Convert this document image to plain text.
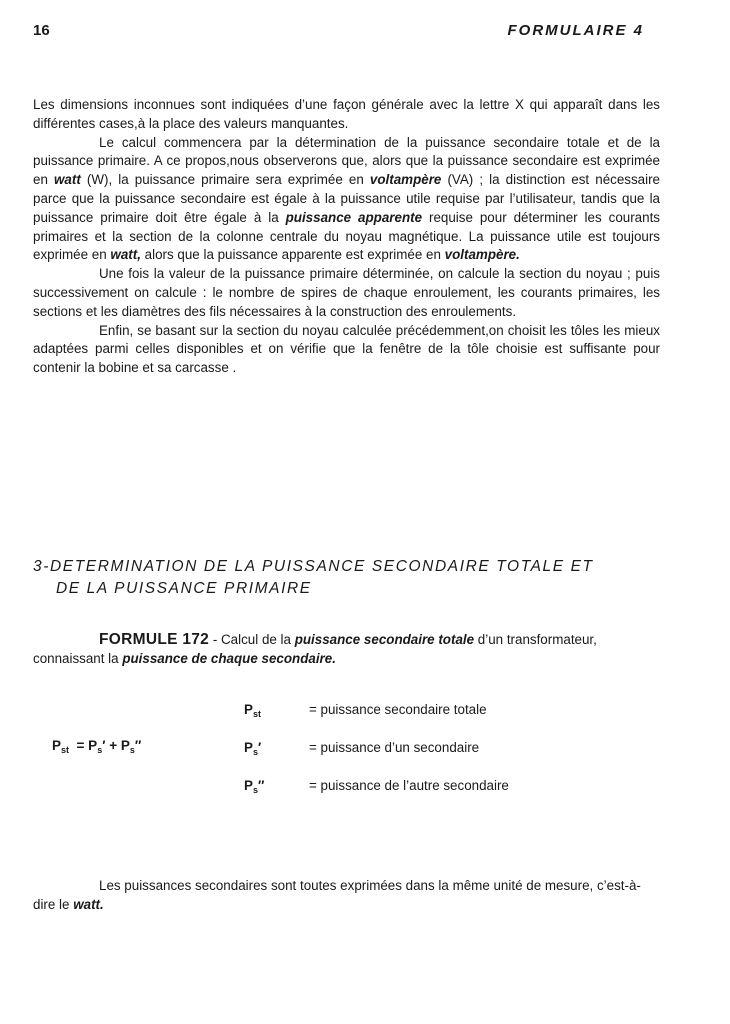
16	FORMULAIRE 4

Les dimensions inconnues sont indiquées d’une façon générale avec la lettre X qui apparaît dans les différentes cases,à la place des valeurs manquantes.

Le calcul commencera par la détermination de la puissance secondaire totale et de la puissance primaire. A ce propos,nous observerons que, alors que la puissance secondaire est exprimée en watt (W), la puissance primaire sera exprimée en voltampère (VA) ; la distinction est nécessaire parce que la puissance secondaire est égale à la puissance utile requise par l’utilisateur, tandis que la puissance primaire doit être égale à la puissance apparente requise pour déterminer les courants primaires et la section de la colonne centrale du noyau magnétique. La puissance utile est toujours exprimée en watt, alors que la puissance apparente est exprimée en voltampère.

Une fois la valeur de la puissance primaire déterminée, on calcule la section du noyau ; puis successivement on calcule : le nombre de spires de chaque enroulement, les courants primaires, les sections et les diamètres des fils nécessaires à la construction des enroulements.

Enfin, se basant sur la section du noyau calculée précédemment,on choisit les tôles les mieux adaptées parmi celles disponibles et on vérifie que la fenêtre de la tôle choisie est suffisante pour contenir la bobine et sa carcasse .

3-DETERMINATION DE LA PUISSANCE SECONDAIRE TOTALE ET
DE LA PUISSANCE PRIMAIRE
FORMULE 172 - Calcul de la puissance secondaire totale d’un transformateur, connaissant la puissance de chaque secondaire.
$P_{st} = P_s' + P_s''$
$P_{st}$	= puissance secondaire totale
$P_s'$	= puissance d’un secondaire
$P_s''$	= puissance de l’autre secondaire
Les puissances secondaires sont toutes exprimées dans la même unité de mesure, c’est-à-dire le watt.
